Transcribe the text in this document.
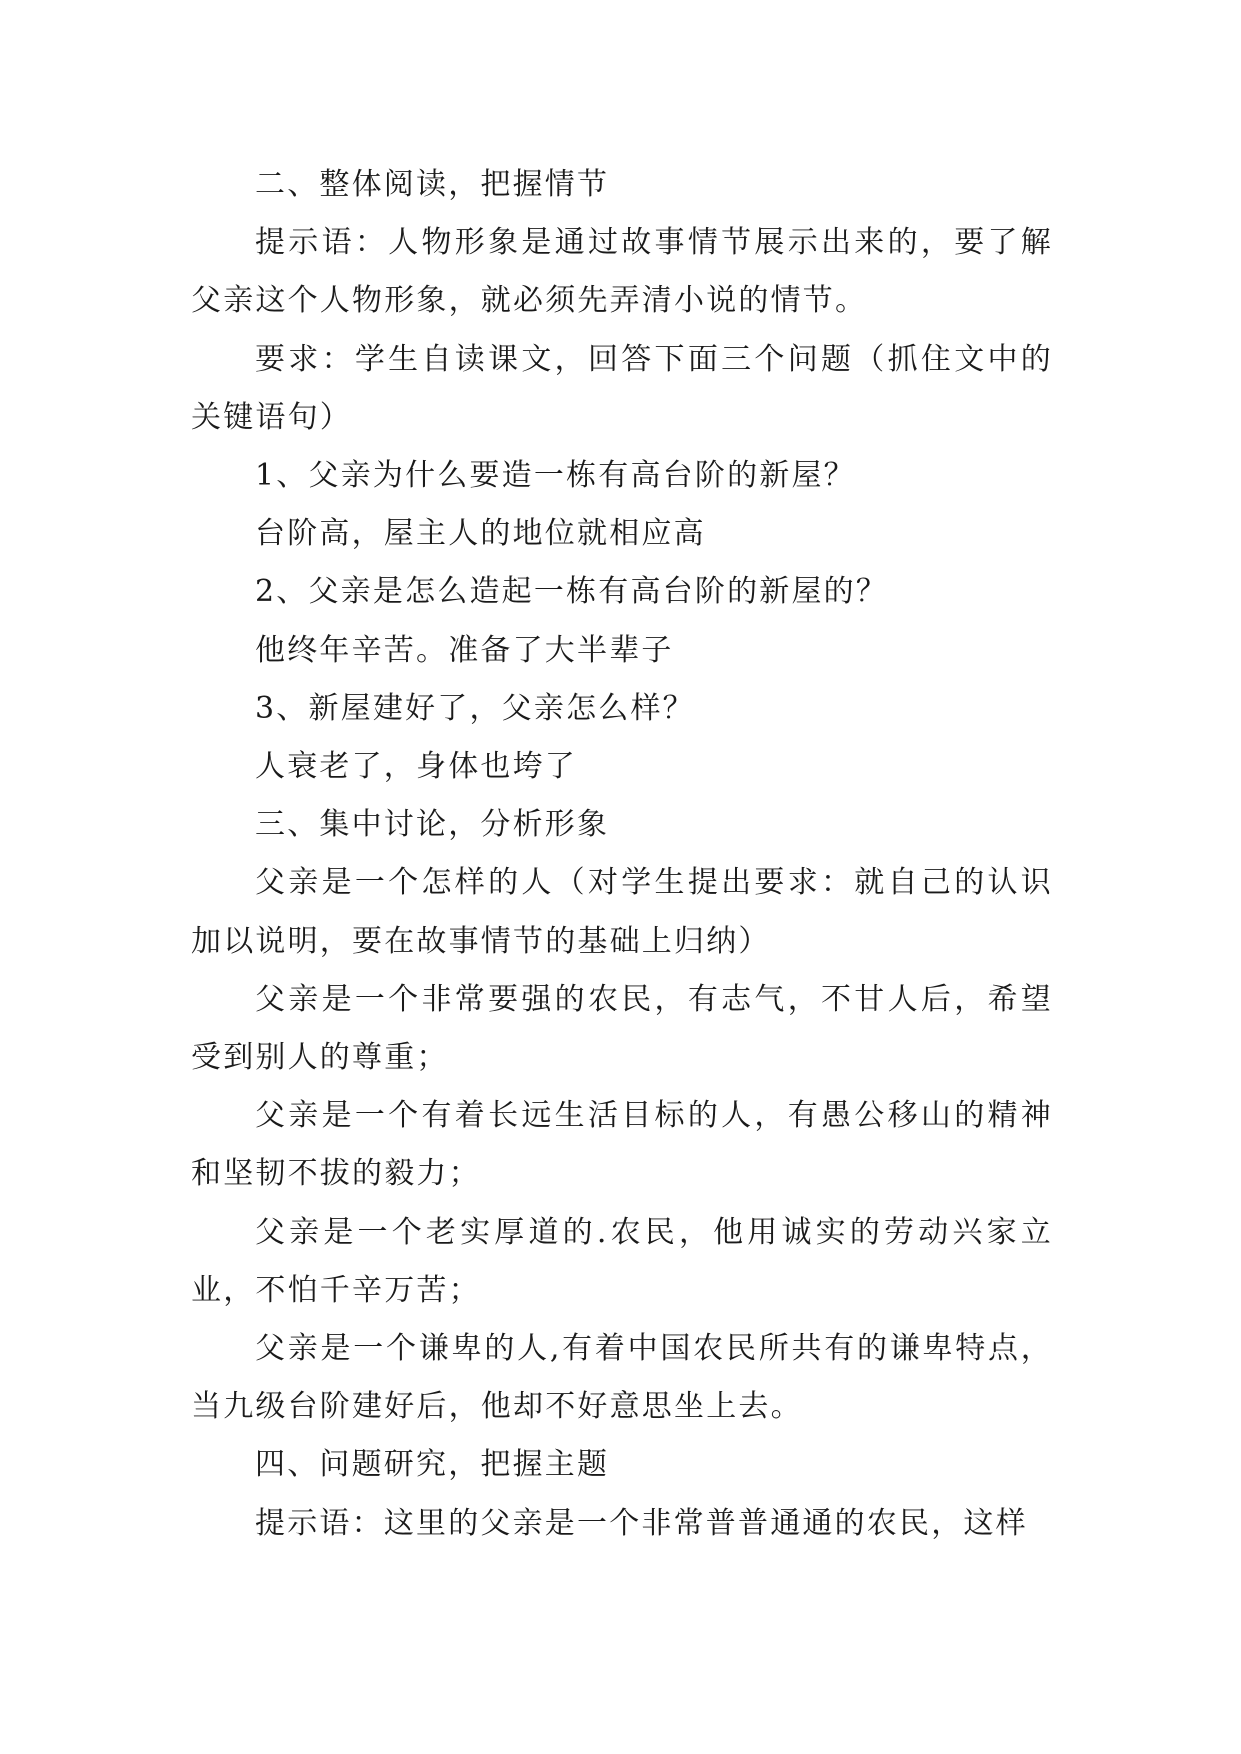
二、整体阅读，把握情节

提示语：人物形象是通过故事情节展示出来的，要了解父亲这个人物形象，就必须先弄清小说的情节。

要求：学生自读课文，回答下面三个问题（抓住文中的关键语句）

1、父亲为什么要造一栋有高台阶的新屋？

台阶高，屋主人的地位就相应高

2、父亲是怎么造起一栋有高台阶的新屋的？

他终年辛苦。准备了大半辈子

3、新屋建好了，父亲怎么样？

人衰老了，身体也垮了

三、集中讨论，分析形象

父亲是一个怎样的人（对学生提出要求：就自己的认识加以说明，要在故事情节的基础上归纳）

父亲是一个非常要强的农民，有志气，不甘人后，希望受到别人的尊重；

父亲是一个有着长远生活目标的人，有愚公移山的精神和坚韧不拔的毅力；

父亲是一个老实厚道的.农民，他用诚实的劳动兴家立业，不怕千辛万苦；

父亲是一个谦卑的人,有着中国农民所共有的谦卑特点，当九级台阶建好后，他却不好意思坐上去。

四、问题研究，把握主题

提示语：这里的父亲是一个非常普普通通的农民，这样
